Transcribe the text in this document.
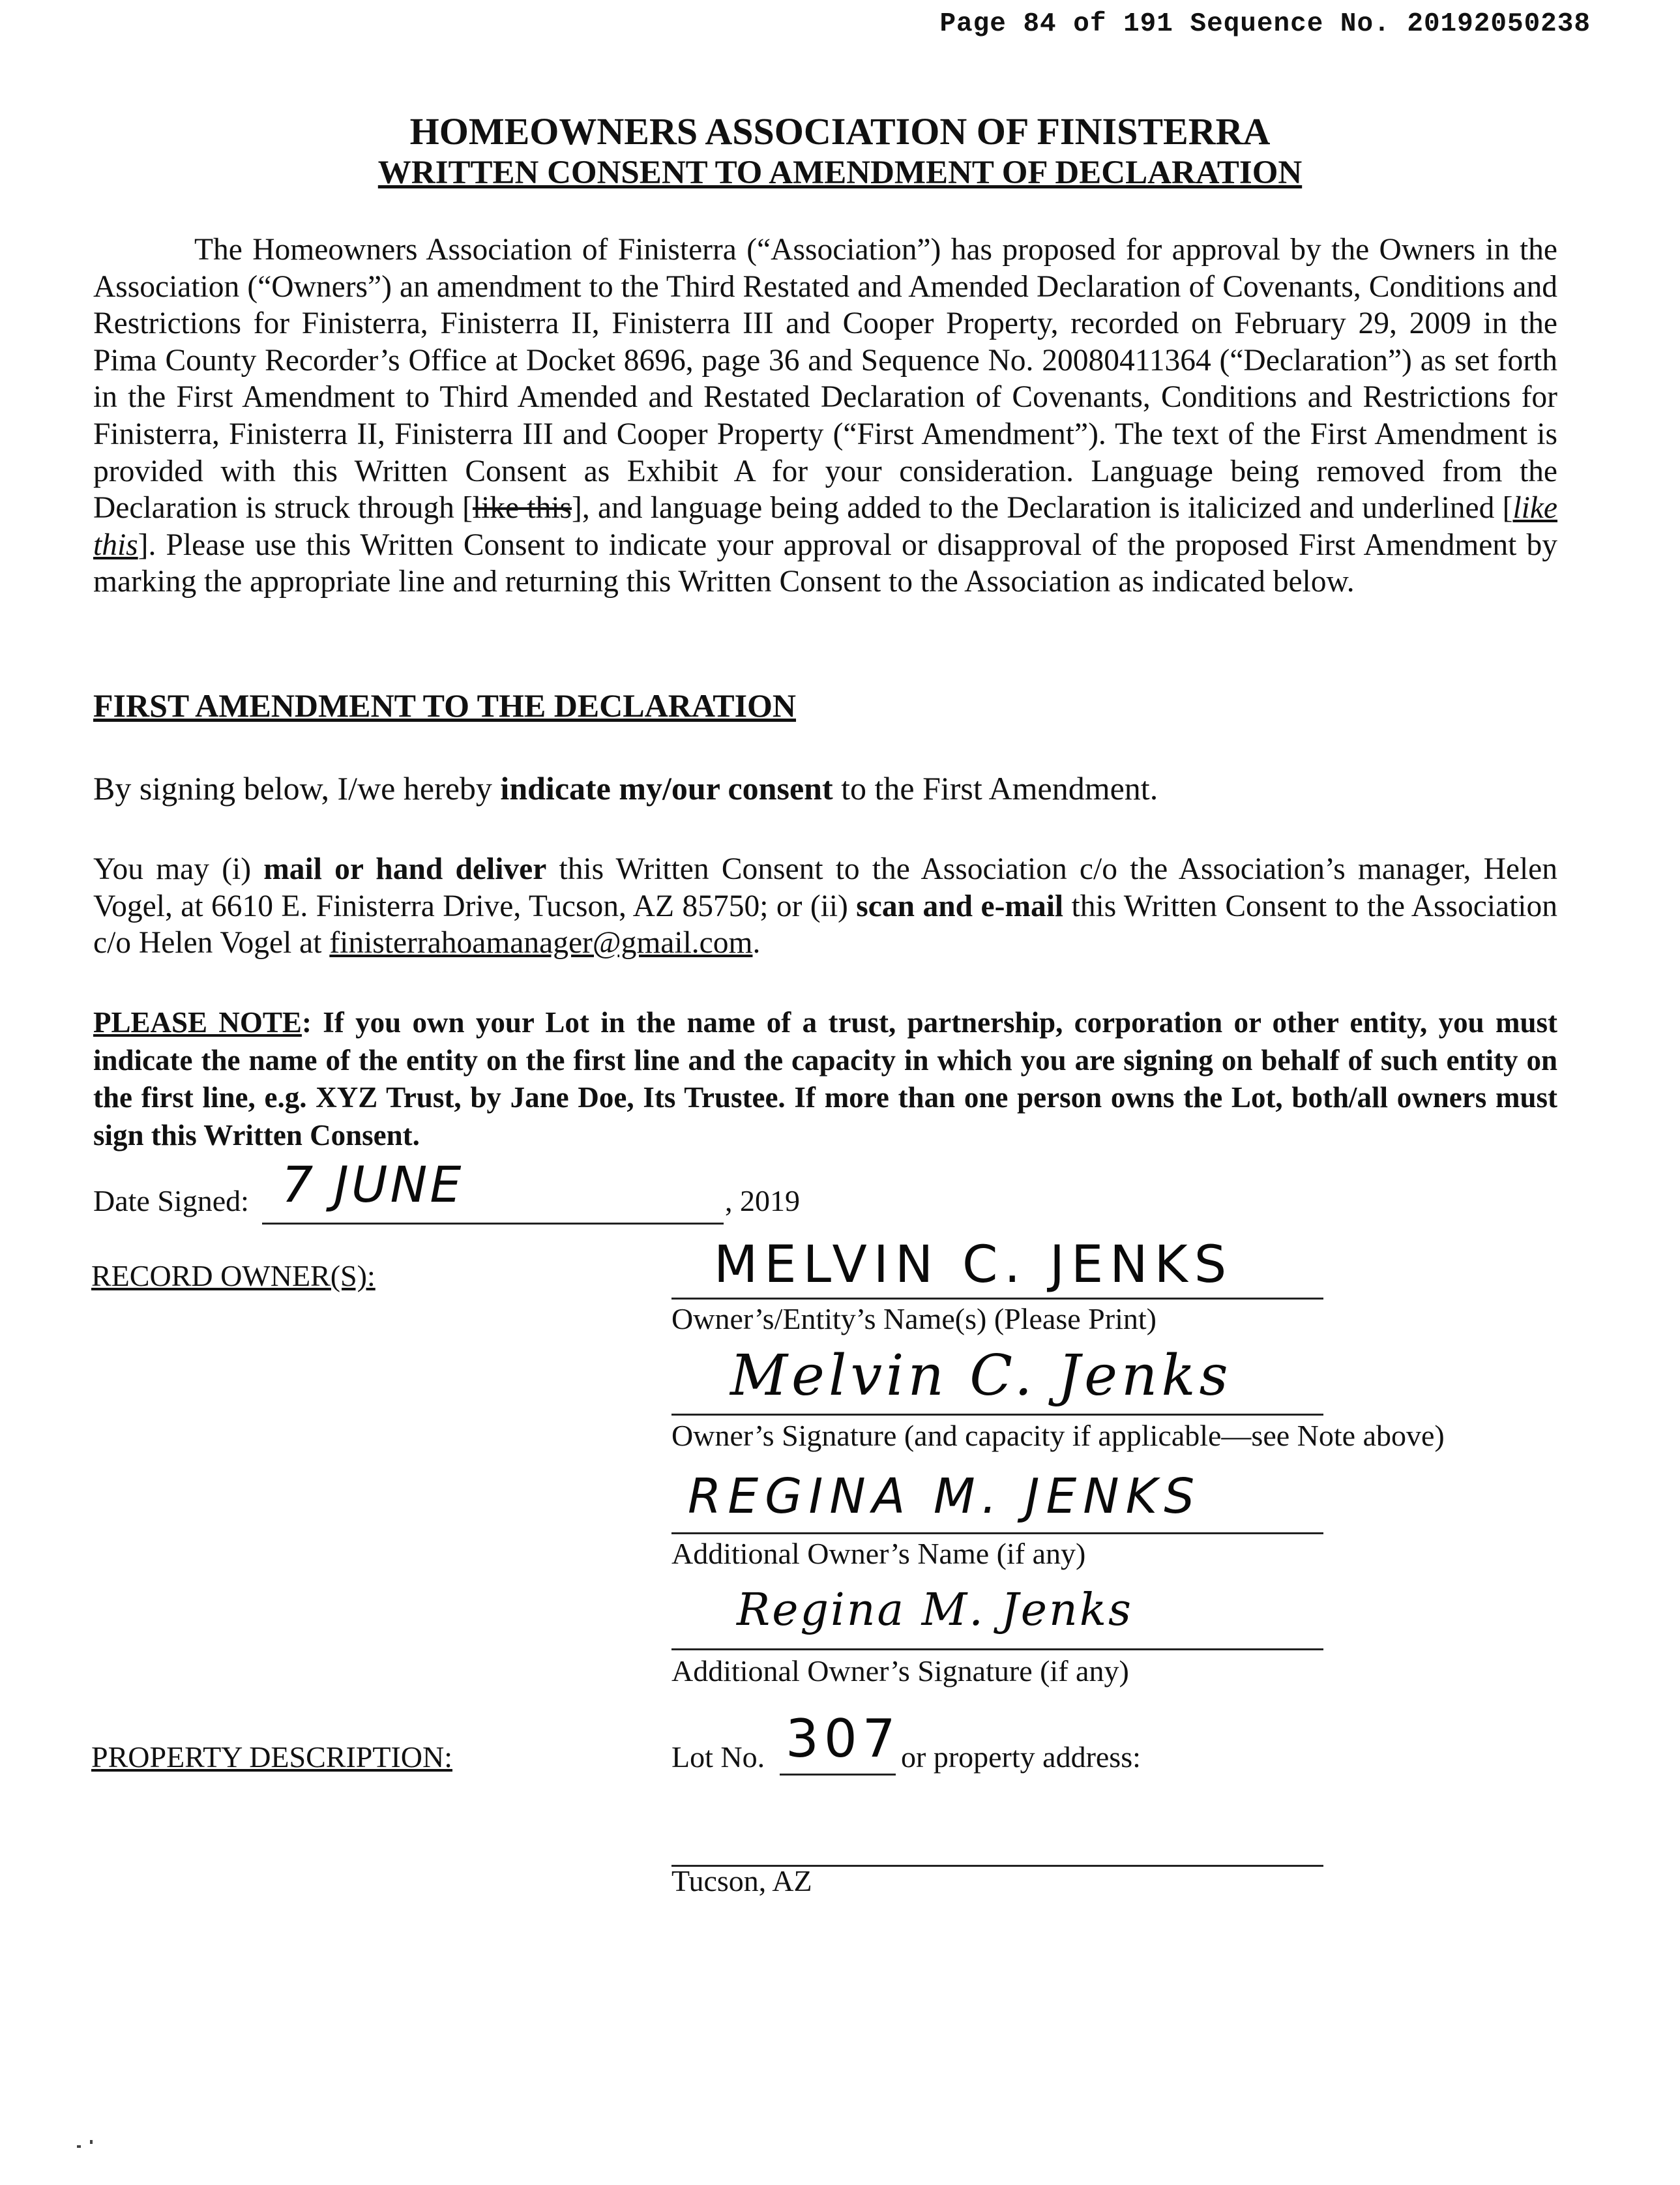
Page 84 of 191 Sequence No. 20192050238
HOMEOWNERS ASSOCIATION OF FINISTERRA
WRITTEN CONSENT TO AMENDMENT OF DECLARATION

The Homeowners Association of Finisterra (“Association”) has proposed for approval by the Owners in the Association (“Owners”) an amendment to the Third Restated and Amended Declaration of Covenants, Conditions and Restrictions for Finisterra, Finisterra II, Finisterra III and Cooper Property, recorded on February 29, 2009 in the Pima County Recorder’s Office at Docket 8696, page 36 and Sequence No. 20080411364 (“Declaration”) as set forth in the First Amendment to Third Amended and Restated Declaration of Covenants, Conditions and Restrictions for Finisterra, Finisterra II, Finisterra III and Cooper Property (“First Amendment”). The text of the First Amendment is provided with this Written Consent as Exhibit A for your consideration. Language being removed from the Declaration is struck through [like this], and language being added to the Declaration is italicized and underlined [like this]. Please use this Written Consent to indicate your approval or disapproval of the proposed First Amendment by marking the appropriate line and returning this Written Consent to the Association as indicated below.

FIRST AMENDMENT TO THE DECLARATION

By signing below, I/we hereby indicate my/our consent to the First Amendment.

You may (i) mail or hand deliver this Written Consent to the Association c/o the Association’s manager, Helen Vogel, at 6610 E. Finisterra Drive, Tucson, AZ 85750; or (ii) scan and e-mail this Written Consent to the Association c/o Helen Vogel at finisterrahoamanager@gmail.com.

PLEASE NOTE: If you own your Lot in the name of a trust, partnership, corporation or other entity, you must indicate the name of the entity on the first line and the capacity in which you are signing on behalf of such entity on the first line, e.g. XYZ Trust, by Jane Doe, Its Trustee. If more than one person owns the Lot, both/all owners must sign this Written Consent.

Date Signed: 7 JUNE	, 2019
RECORD OWNER(S):	MELVIN C. JENKS
Owner’s/Entity’s Name(s) (Please Print)
Melvin C. Jenks
Owner’s Signature (and capacity if applicable—see Note above)
REGINA M. JENKS
Additional Owner’s Name (if any)
Regina M. Jenks
Additional Owner’s Signature (if any)
PROPERTY DESCRIPTION:	Lot No. 307 or property address:
Tucson, AZ
